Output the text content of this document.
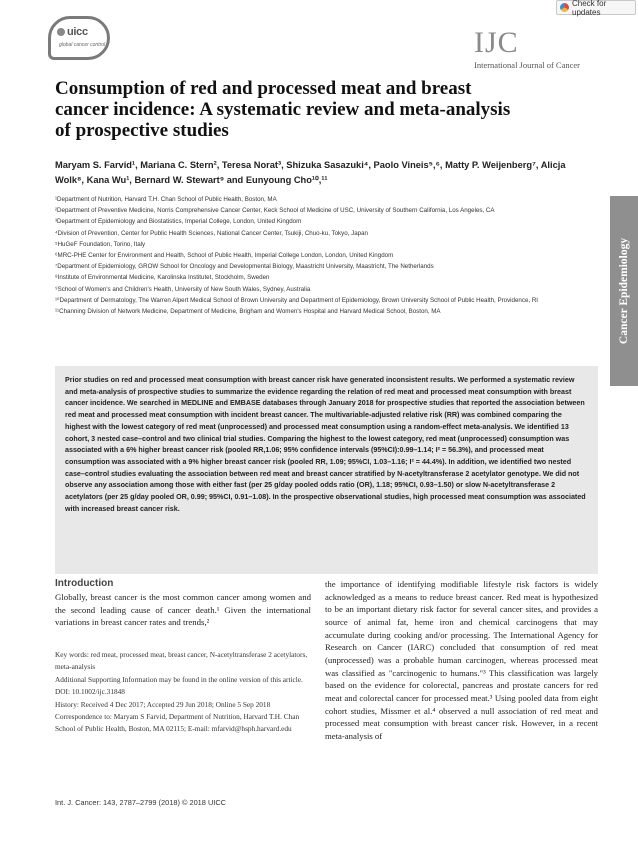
uicc
global cancer control
Check for updates
IJC
International Journal of Cancer
Consumption of red and processed meat and breast cancer incidence: A systematic review and meta-analysis of prospective studies
Maryam S. Farvid¹, Mariana C. Stern², Teresa Norat³, Shizuka Sasazuki⁴, Paolo Vineis⁵,⁶, Matty P. Weijenberg⁷, Alicja Wolk⁸, Kana Wu¹, Bernard W. Stewart⁹ and Eunyoung Cho¹⁰,¹¹
¹Department of Nutrition, Harvard T.H. Chan School of Public Health, Boston, MA
²Department of Preventive Medicine, Norris Comprehensive Cancer Center, Keck School of Medicine of USC, University of Southern California, Los Angeles, CA
³Department of Epidemiology and Biostatistics, Imperial College, London, United Kingdom
⁴Division of Prevention, Center for Public Health Sciences, National Cancer Center, Tsukiji, Chuo-ku, Tokyo, Japan
⁵HuGeF Foundation, Torino, Italy
⁶MRC-PHE Center for Environment and Health, School of Public Health, Imperial College London, London, United Kingdom
⁷Department of Epidemiology, GROW School for Oncology and Developmental Biology, Maastricht University, Maastricht, The Netherlands
⁸Institute of Environmental Medicine, Karolinska Institutet, Stockholm, Sweden
⁹School of Women's and Children's Health, University of New South Wales, Sydney, Australia
¹⁰Department of Dermatology, The Warren Alpert Medical School of Brown University and Department of Epidemiology, Brown University School of Public Health, Providence, RI
¹¹Channing Division of Network Medicine, Department of Medicine, Brigham and Women's Hospital and Harvard Medical School, Boston, MA	Cancer Epidemiology

Prior studies on red and processed meat consumption with breast cancer risk have generated inconsistent results. We performed a systematic review and meta-analysis of prospective studies to summarize the evidence regarding the relation of red meat and processed meat consumption with breast cancer incidence. We searched in MEDLINE and EMBASE databases through January 2018 for prospective studies that reported the association between red meat and processed meat consumption with incident breast cancer. The multivariable-adjusted relative risk (RR) was combined comparing the highest with the lowest category of red meat (unprocessed) and processed meat consumption using a random-effect meta-analysis. We identified 13 cohort, 3 nested case–control and two clinical trial studies. Comparing the highest to the lowest category, red meat (unprocessed) consumption was associated with a 6% higher breast cancer risk (pooled RR,1.06; 95% confidence intervals (95%CI):0.99–1.14; I² = 56.3%), and processed meat consumption was associated with a 9% higher breast cancer risk (pooled RR, 1.09; 95%CI, 1.03–1.16; I² = 44.4%). In addition, we identified two nested case–control studies evaluating the association between red meat and breast cancer stratified by N-acetyltransferase 2 acetylator genotype. We did not observe any association among those with either fast (per 25 g/day pooled odds ratio (OR), 1.18; 95%CI, 0.93–1.50) or slow N-acetyltransferase 2 acetylators (per 25 g/day pooled OR, 0.99; 95%CI, 0.91–1.08). In the prospective observational studies, high processed meat consumption was associated with increased breast cancer risk.

Introduction
Globally, breast cancer is the most common cancer among women and the second leading cause of cancer death.¹ Given the international variations in breast cancer rates and trends,²
Key words: red meat, processed meat, breast cancer, N-acetyltransferase 2 acetylators, meta-analysis
Additional Supporting Information may be found in the online version of this article.
DOI: 10.1002/ijc.31848
History: Received 4 Dec 2017; Accepted 29 Jun 2018; Online 5 Sep 2018
Correspondence to: Maryam S Farvid, Department of Nutrition, Harvard T.H. Chan School of Public Health, Boston, MA 02115; E-mail: mfarvid@hsph.harvard.edu
the importance of identifying modifiable lifestyle risk factors is widely acknowledged as a means to reduce breast cancer. Red meat is hypothesized to be an important dietary risk factor for several cancer sites, and provides a source of animal fat, heme iron and chemical carcinogens that may accumulate during cooking and/or processing. The International Agency for Research on Cancer (IARC) concluded that consumption of red meat (unprocessed) was a probable human carcinogen, whereas processed meat was classified as "carcinogenic to humans."³ This classification was largely based on the evidence for colorectal, pancreas and prostate cancers for red meat and colorectal cancer for processed meat.³ Using pooled data from eight cohort studies, Missmer et al.⁴ observed a null association of red meat and processed meat consumption with breast cancer risk. However, in a recent meta-analysis of
Int. J. Cancer: 143, 2787–2799 (2018) © 2018 UICC
